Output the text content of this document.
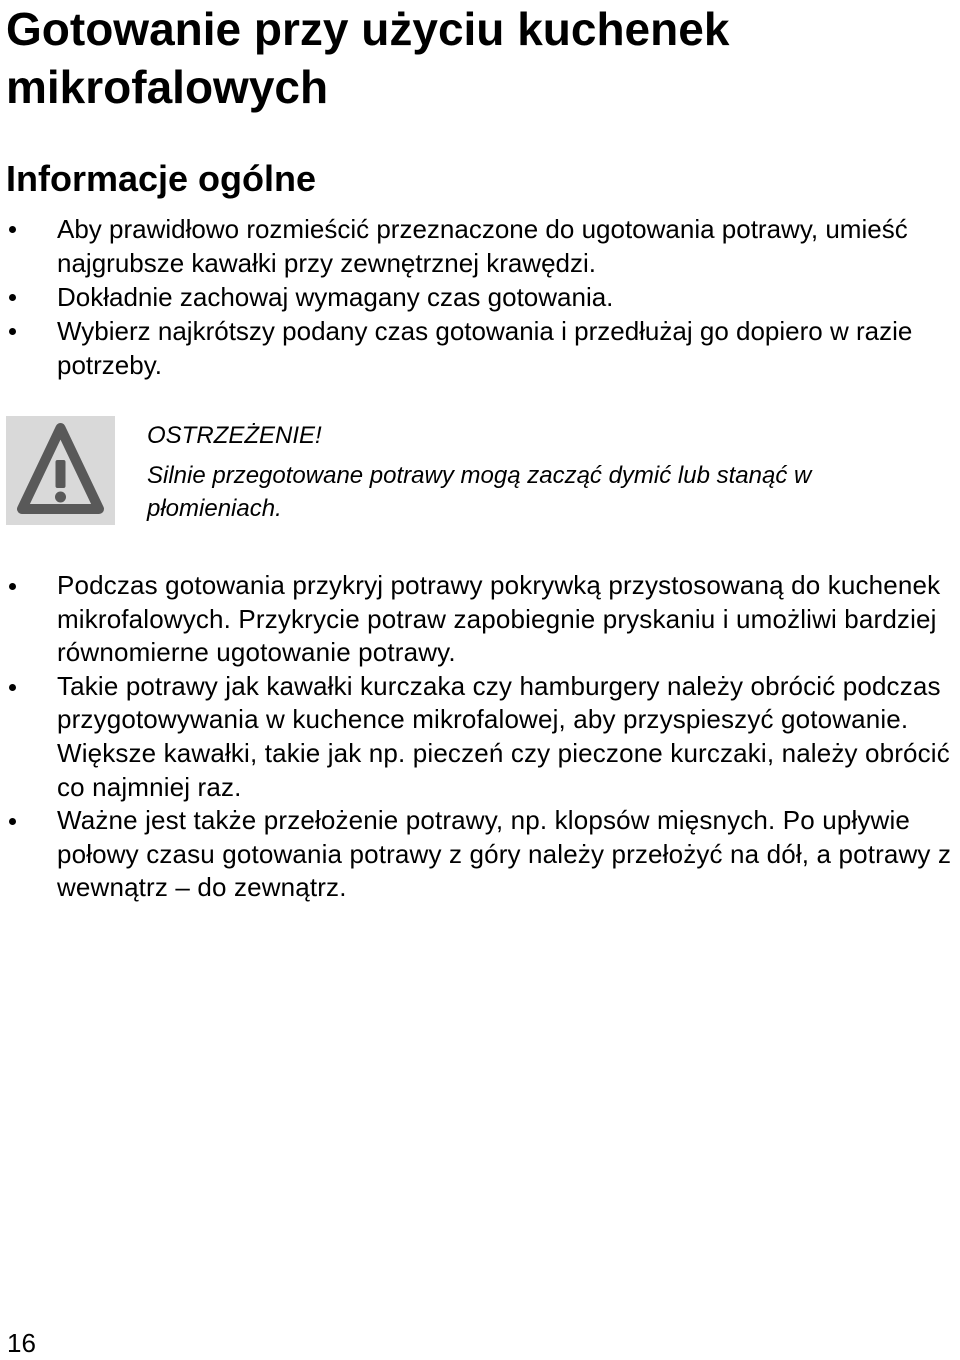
Gotowanie przy użyciu kuchenek mikrofalowych
Informacje ogólne
Aby prawidłowo rozmieścić przeznaczone do ugotowania potrawy, umieść najgrubsze kawałki przy zewnętrznej krawędzi.
Dokładnie zachowaj wymagany czas gotowania.
Wybierz najkrótszy podany czas gotowania i przedłużaj go dopiero w razie potrzeby.
OSTRZEŻENIE!
Silnie przegotowane potrawy mogą zacząć dymić lub stanąć w płomieniach.
Podczas gotowania przykryj potrawy pokrywką przystosowaną do kuchenek mikrofalowych. Przykrycie potraw zapobiegnie pryskaniu i umożliwi bardziej równomierne ugotowanie potrawy.
Takie potrawy jak kawałki kurczaka czy hamburgery należy obrócić podczas przygotowywania w kuchence mikrofalowej, aby przyspieszyć gotowanie. Większe kawałki, takie jak np. pieczeń czy pieczone kurczaki, należy obrócić co najmniej raz.
Ważne jest także przełożenie potrawy, np. klopsów mięsnych. Po upływie połowy czasu gotowania potrawy z góry należy przełożyć na dół, a potrawy z wewnątrz – do zewnątrz.
16
